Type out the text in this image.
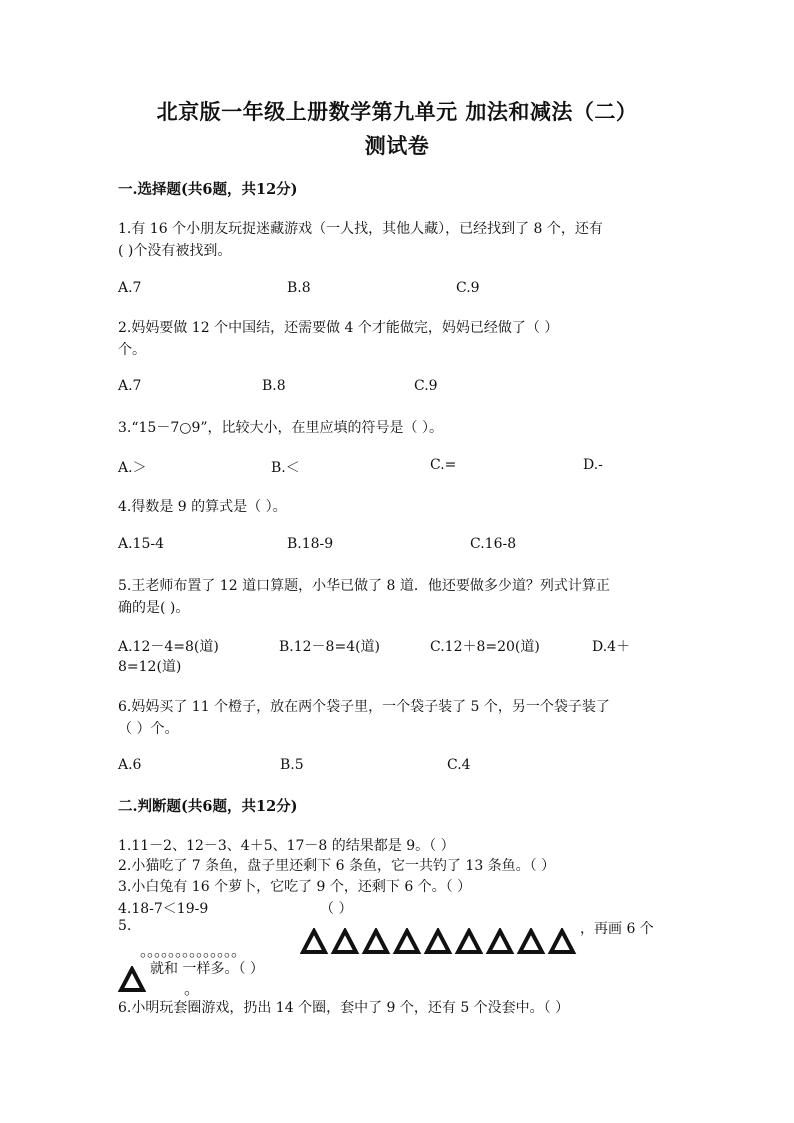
北京版一年级上册数学第九单元 加法和减法（二）
测试卷
一.选择题(共6题，共12分)
1.有 16 个小朋友玩捉迷藏游戏（一人找，其他人藏），已经找到了 8 个，还有
( )个没有被找到。
A.7	B.8	C.9
2.妈妈要做 12 个中国结，还需要做 4 个才能做完，妈妈已经做了（ ）
个。
A.7	B.8	C.9
3.“15－7○9”，比较大小，在里应填的符号是（ ）。
A.＞	B.＜	C.=	D.-
4.得数是 9 的算式是（ ）。
A.15-4	B.18-9	C.16-8
5.王老师布置了 12 道口算题，小华已做了 8 道．他还要做多少道？列式计算正
确的是( )。
A.12－4=8(道)	B.12－8=4(道)	C.12＋8=20(道)	D.4＋
8=12(道)
6.妈妈买了 11 个橙子，放在两个袋子里，一个袋子装了 5 个，另一个袋子装了
（ ）个。
A.6	B.5	C.4
二.判断题(共6题，共12分)
1.11－2、12－3、4＋5、17－8 的结果都是 9。（ ）
2.小猫吃了 7 条鱼，盘子里还剩下 6 条鱼，它一共钓了 13 条鱼。（ ）
3.小白兔有 16 个萝卜，它吃了 9 个，还剩下 6 个。（ ）
4.18-7＜19-9	（ ）
5.
。。。。。。。。。。。。。。
，再画 6 个
就和 一样多。（ ）
。
6.小明玩套圈游戏，扔出 14 个圈，套中了 9 个，还有 5 个没套中。（ ）
